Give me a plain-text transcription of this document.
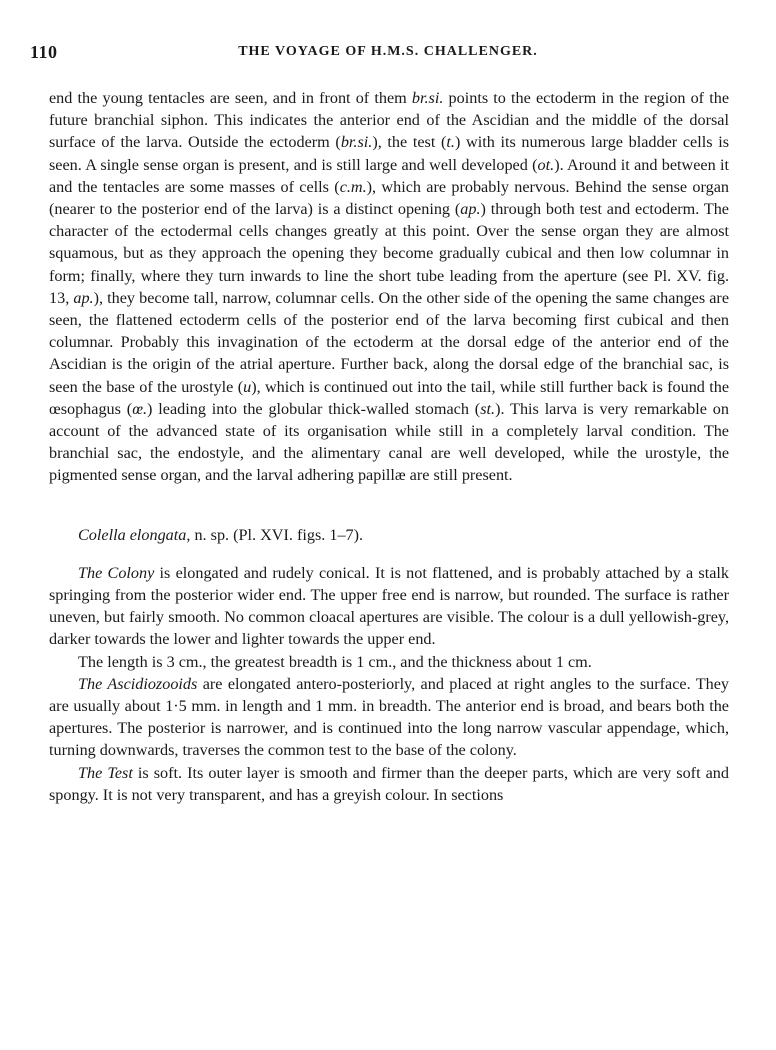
110	THE VOYAGE OF H.M.S. CHALLENGER.

end the young tentacles are seen, and in front of them br.si. points to the ectoderm in the region of the future branchial siphon. This indicates the anterior end of the Ascidian and the middle of the dorsal surface of the larva. Outside the ectoderm (br.si.), the test (t.) with its numerous large bladder cells is seen. A single sense organ is present, and is still large and well developed (ot.). Around it and between it and the tentacles are some masses of cells (c.m.), which are probably nervous. Behind the sense organ (nearer to the posterior end of the larva) is a distinct opening (ap.) through both test and ectoderm. The character of the ectodermal cells changes greatly at this point. Over the sense organ they are almost squamous, but as they approach the opening they become gradually cubical and then low columnar in form; finally, where they turn inwards to line the short tube leading from the aperture (see Pl. XV. fig. 13, ap.), they become tall, narrow, columnar cells. On the other side of the opening the same changes are seen, the flattened ectoderm cells of the posterior end of the larva becoming first cubical and then columnar. Probably this invagination of the ectoderm at the dorsal edge of the anterior end of the Ascidian is the origin of the atrial aperture. Further back, along the dorsal edge of the branchial sac, is seen the base of the urostyle (u), which is continued out into the tail, while still further back is found the œsophagus (œ.) leading into the globular thick-walled stomach (st.). This larva is very remarkable on account of the advanced state of its organisation while still in a completely larval condition. The branchial sac, the endostyle, and the alimentary canal are well developed, while the urostyle, the pigmented sense organ, and the larval adhering papillæ are still present.

Colella elongata, n. sp. (Pl. XVI. figs. 1–7).

The Colony is elongated and rudely conical. It is not flattened, and is probably attached by a stalk springing from the posterior wider end. The upper free end is narrow, but rounded. The surface is rather uneven, but fairly smooth. No common cloacal apertures are visible. The colour is a dull yellowish-grey, darker towards the lower and lighter towards the upper end.

The length is 3 cm., the greatest breadth is 1 cm., and the thickness about 1 cm.

The Ascidiozooids are elongated antero-posteriorly, and placed at right angles to the surface. They are usually about 1·5 mm. in length and 1 mm. in breadth. The anterior end is broad, and bears both the apertures. The posterior is narrower, and is continued into the long narrow vascular appendage, which, turning downwards, traverses the common test to the base of the colony.

The Test is soft. Its outer layer is smooth and firmer than the deeper parts, which are very soft and spongy. It is not very transparent, and has a greyish colour. In sections
